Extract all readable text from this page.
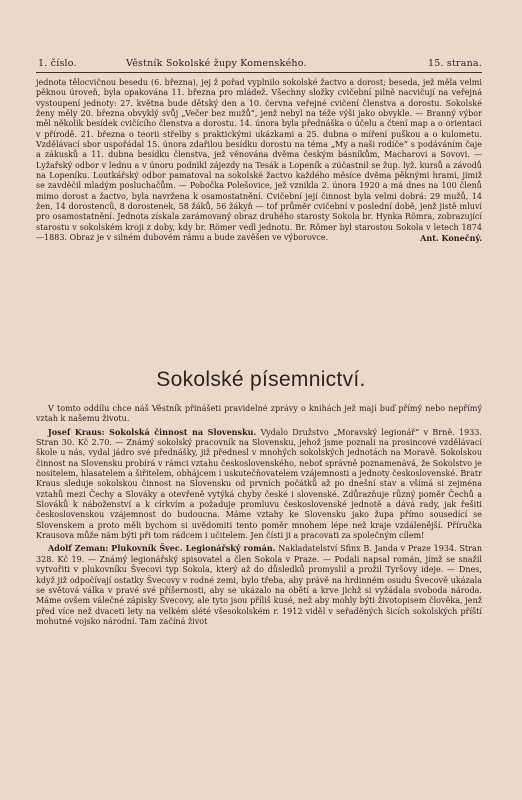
1. číslo.	Věstník Sokolské župy Komenského.	15. strana.

jednota tělocvičnou besedu (6. března), jej ž pořad vyplnilo sokolské žactvo a dorost; beseda, jež měla velmi pěknou úroveň, byla opakována 11. března pro mládež. Všechny složky cvičební pilně nacvičují na veřejná vystoupení jednoty: 27. května bude dětský den a 10. června veřejné cvičení členstva a dorostu. Sokolské ženy měly 20. března obvyklý svůj „Večer bez mužů“, jenž nebyl na téže výši jako obvykle. — Branný výbor měl několik besídek cvičícího členstva a dorostu. 14. února byla přednáška o účelu a čtení map a o orientaci v přírodě. 21. března o teorii střelby s praktickými ukázkami a 25. dubna o míření puškou a o kulometu. Vzdělávací sbor uspořádal 15. února zdařilou besídku dorostu na téma „My a naši rodiče“ s podáváním čaje a zákusků a 11. dubna besídku členstva, jež věnována dvěma českým básníkům, Macharovi a Sovovi. — Lyžařský odbor v lednu a v únoru podnikl zájezdy na Tesák a Lopeník a zúčastnil se žup. lyž. kursů a závodů na Lopeníku. Loutkářský odbor pamatoval na sokolské žactvo každého měsíce dvěma pěknými hrami, jimiž se zavděčil mladým posluchačům. — Pobočka Polešovice, jež vznikla 2. února 1920 a má dnes na 100 členů mimo dorost a žactvo, byla navržena k osamostatnění. Cvičební její činnost byla velmi dobrá: 29 mužů, 14 žen, 14 dorostenců, 8 dorostenek, 58 žáků, 56 žákyň — tof průměr cvičební v poslední době, jenž jistě mluví pro osamostatnění. Jednota získala zarámovaný obraz druhého starosty Sokola br. Hynka Römra, zobrazující starostu v sokolském kroji z doby, kdy br. Römer vedl jednotu. Br. Römer byl starostou Sokola v letech 1874—1883. Obraz je v silném dubovém rámu a bude zavěšen ve výborovce.	Ant. Konečný.

Sokolské písemnictví.

V tomto oddílu chce náš Věstník přinášeti pravidelné zprávy o knihách jež mají buď přímý nebo nepřímý vztah k našemu životu.

Josef Kraus: Sokolská činnost na Slovensku. Vydalo Družstvo „Moravský legionář“ v Brně. 1933. Stran 30. Kč 2.70. — Známý sokolský pracovník na Slovensku, jehož jsme poznali na prosincové vzdělávací škole u nás, vydal jádro své přednášky, již přednesl v mnohých sokolských jednotách na Moravě. Sokolskou činnost na Slovensku probírá v rámci vztahu československého, neboť správně poznamenává, že Sokolstvo je nositelem, hlasatelem a šiřitelem, obhájcem i uskutečňovatelem vzájemnosti a jednoty československé. Bratr Kraus sleduje sokolskou činnost na Slovensku od prvních počátků až po dnešní stav a všímá si zejména vztahů mezi Čechy a Slováky a otevřeně vytýká chyby české i slovenské. Zdůrazňuje různý poměr Čechů a Slováků k náboženství a k církvím a požaduje promluvu československé jednotě a dává rady, jak řešiti československou vzájemnost do budoucna. Máme vztahy ke Slovensku jako župa přímo sousedící se Slovenskem a proto měli bychom si uvědomiti tento poměr mnohem lépe než kraje vzdálenější. Příručka Krausova může nám býti při tom rádcem i učitelem. Jen čísti ji a pracovati za společným cílem!

Adolf Zeman: Plukovník Švec. Legionářský román. Nakladatelství Sfinx B. Janda v Praze 1934. Stran 328. Kč 19. — Známý legionářský spisovatel a člen Sokola v Praze. — Podali napsal román, jímž se snažil vytvořiti v plukovníku Švecovi typ Sokola, který až do důsledků promyslil a prožil Tyršovy ideje. — Dnes, když již odpočívají ostatky Švecovy v rodné zemi, bylo třeba, aby právě na hrdinném osudu Švecově ukázala se světová válka v pravé své příšernosti, aby se ukázalo na obětí a krve jichž si vyžádala svoboda národa. Máme ovšem válečné zápisky Švecovy, ale tyto jsou příliš kusé, než aby mohly býti životopisem člověka, jenž před více než dvaceti lety na velkém slété všesokolském r. 1912 viděl v seřaděných šicích sokolských příští mohutné vojsko národní. Tam začíná život
